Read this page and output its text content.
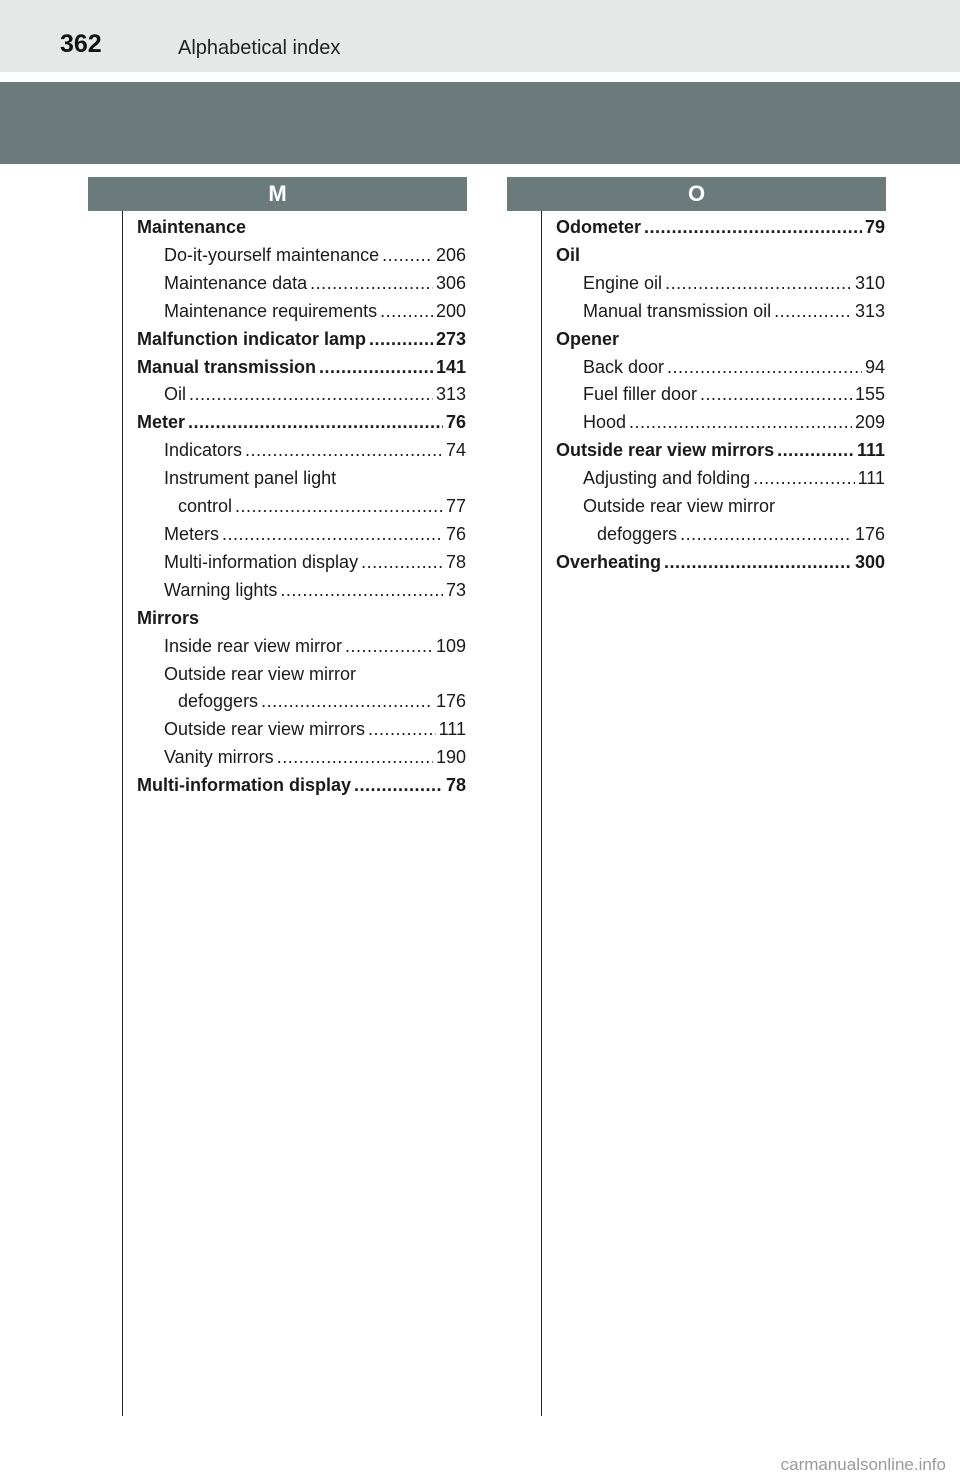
362	Alphabetical index
M	O
Maintenance
Do-it-yourself maintenance .....	206
Maintenance data .....	306
Maintenance requirements .....	200
Malfunction indicator lamp .....	273
Manual transmission .....	141
Oil .....	313
Meter .....	76
Indicators .....	74
Instrument panel light
control .....	77
Meters .....	76
Multi-information display .....	78
Warning lights .....	73
Mirrors
Inside rear view mirror .....	109
Outside rear view mirror
defoggers .....	176
Outside rear view mirrors .....	111
Vanity mirrors .....	190
Multi-information display .....	78
Odometer .....	79
Oil
Engine oil .....	310
Manual transmission oil .....	313
Opener
Back door .....	94
Fuel filler door .....	155
Hood .....	209
Outside rear view mirrors .....	111
Adjusting and folding .....	111
Outside rear view mirror
defoggers .....	176
Overheating .....	300
carmanualsonline.info
